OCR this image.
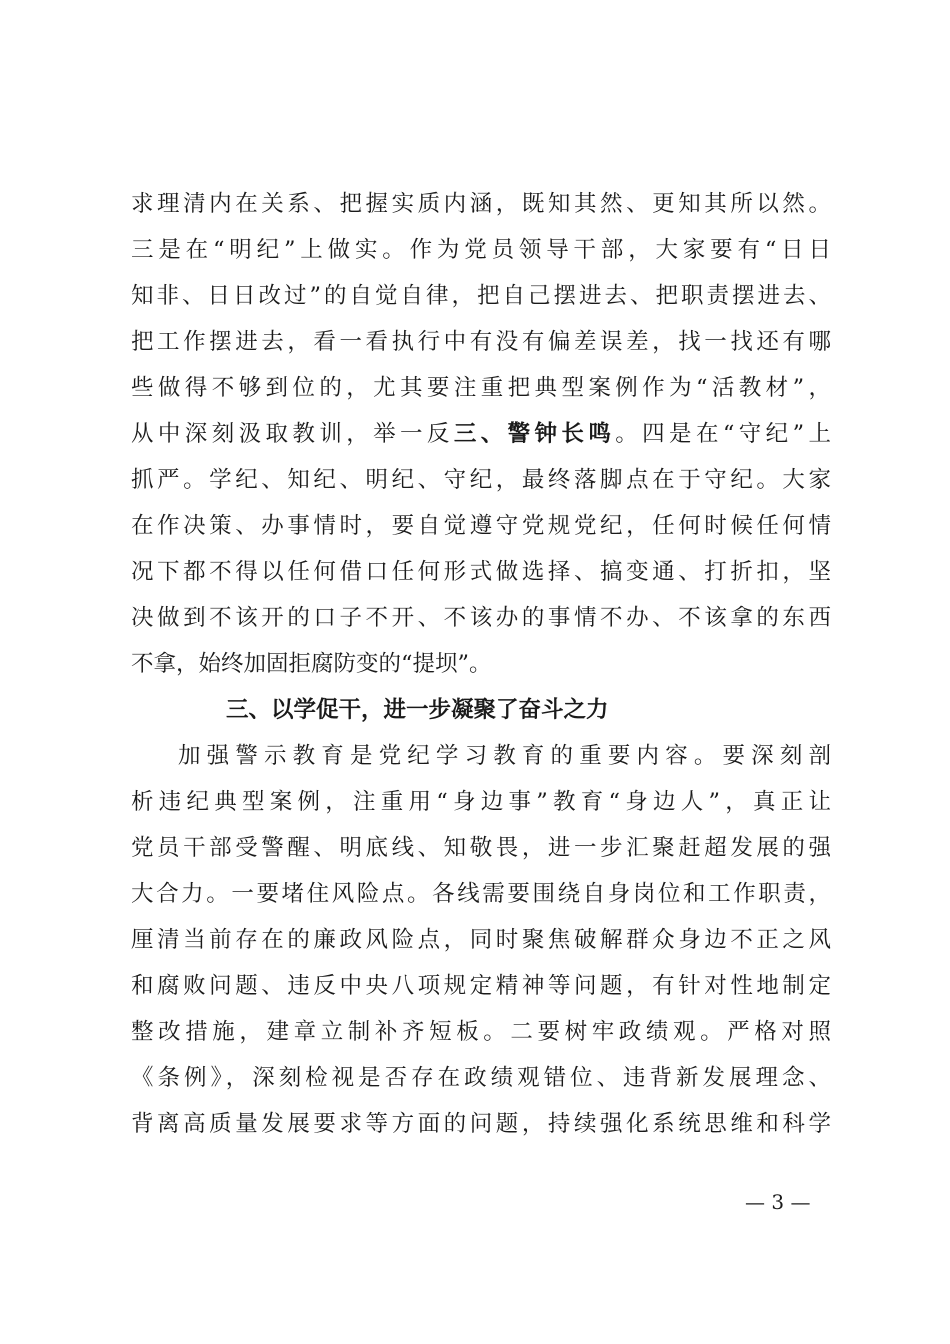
求理清内在关系、把握实质内涵，既知其然、更知其所以然。
三是在“明纪”上做实。作为党员领导干部，大家要有“日日
知非、日日改过”的自觉自律，把自己摆进去、把职责摆进去、
把工作摆进去，看一看执行中有没有偏差误差，找一找还有哪
些做得不够到位的，尤其要注重把典型案例作为“活教材”，
从中深刻汲取教训，举一反三、警钟长鸣。四是在“守纪”上
抓严。学纪、知纪、明纪、守纪，最终落脚点在于守纪。大家
在作决策、办事情时，要自觉遵守党规党纪，任何时候任何情
况下都不得以任何借口任何形式做选择、搞变通、打折扣，坚
决做到不该开的口子不开、不该办的事情不办、不该拿的东西
不拿，始终加固拒腐防变的“提坝”。
三、以学促干，进一步凝聚了奋斗之力
加强警示教育是党纪学习教育的重要内容。要深刻剖
析违纪典型案例，注重用“身边事”教育“身边人”，真正让
党员干部受警醒、明底线、知敬畏，进一步汇聚赶超发展的强
大合力。一要堵住风险点。各线需要围绕自身岗位和工作职责，
厘清当前存在的廉政风险点，同时聚焦破解群众身边不正之风
和腐败问题、违反中央八项规定精神等问题，有针对性地制定
整改措施，建章立制补齐短板。二要树牢政绩观。严格对照
《条例》，深刻检视是否存在政绩观错位、违背新发展理念、
背离高质量发展要求等方面的问题，持续强化系统思维和科学
— 3 —
